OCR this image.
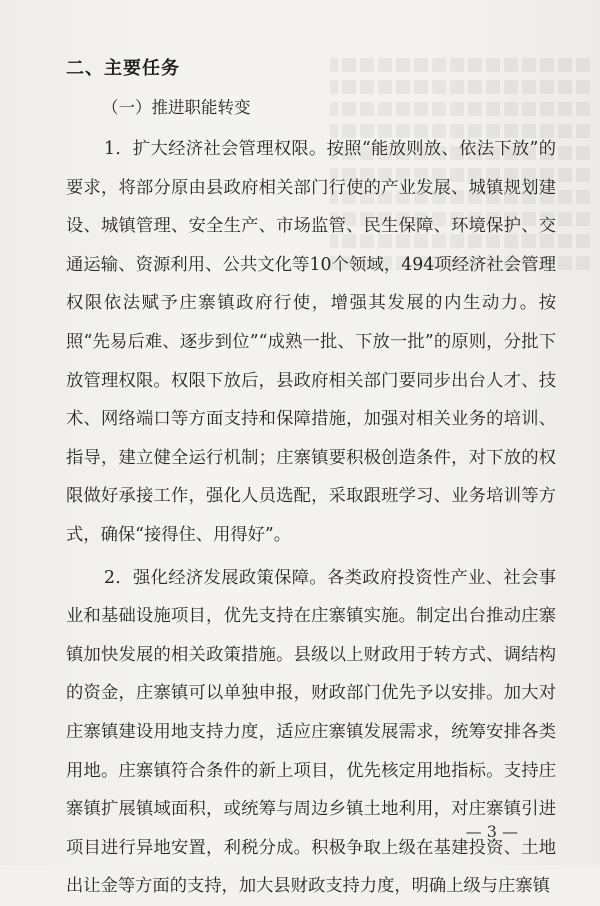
二、主要任务
（一）推进职能转变

1．扩大经济社会管理权限。按照“能放则放、依法下放”的要求，将部分原由县政府相关部门行使的产业发展、城镇规划建设、城镇管理、安全生产、市场监管、民生保障、环境保护、交通运输、资源利用、公共文化等10个领域，494项经济社会管理权限依法赋予庄寨镇政府行使，增强其发展的内生动力。按照“先易后难、逐步到位”“成熟一批、下放一批”的原则，分批下放管理权限。权限下放后，县政府相关部门要同步出台人才、技术、网络端口等方面支持和保障措施，加强对相关业务的培训、指导，建立健全运行机制；庄寨镇要积极创造条件，对下放的权限做好承接工作，强化人员选配，采取跟班学习、业务培训等方式，确保“接得住、用得好”。

2．强化经济发展政策保障。各类政府投资性产业、社会事业和基础设施项目，优先支持在庄寨镇实施。制定出台推动庄寨镇加快发展的相关政策措施。县级以上财政用于转方式、调结构的资金，庄寨镇可以单独申报，财政部门优先予以安排。加大对庄寨镇建设用地支持力度，适应庄寨镇发展需求，统筹安排各类用地。庄寨镇符合条件的新上项目，优先核定用地指标。支持庄寨镇扩展镇域面积，或统筹与周边乡镇土地利用，对庄寨镇引进项目进行异地安置，利税分成。积极争取上级在基建投资、土地出让金等方面的支持，加大县财政支持力度，明确上级与庄寨镇

— 3 —
